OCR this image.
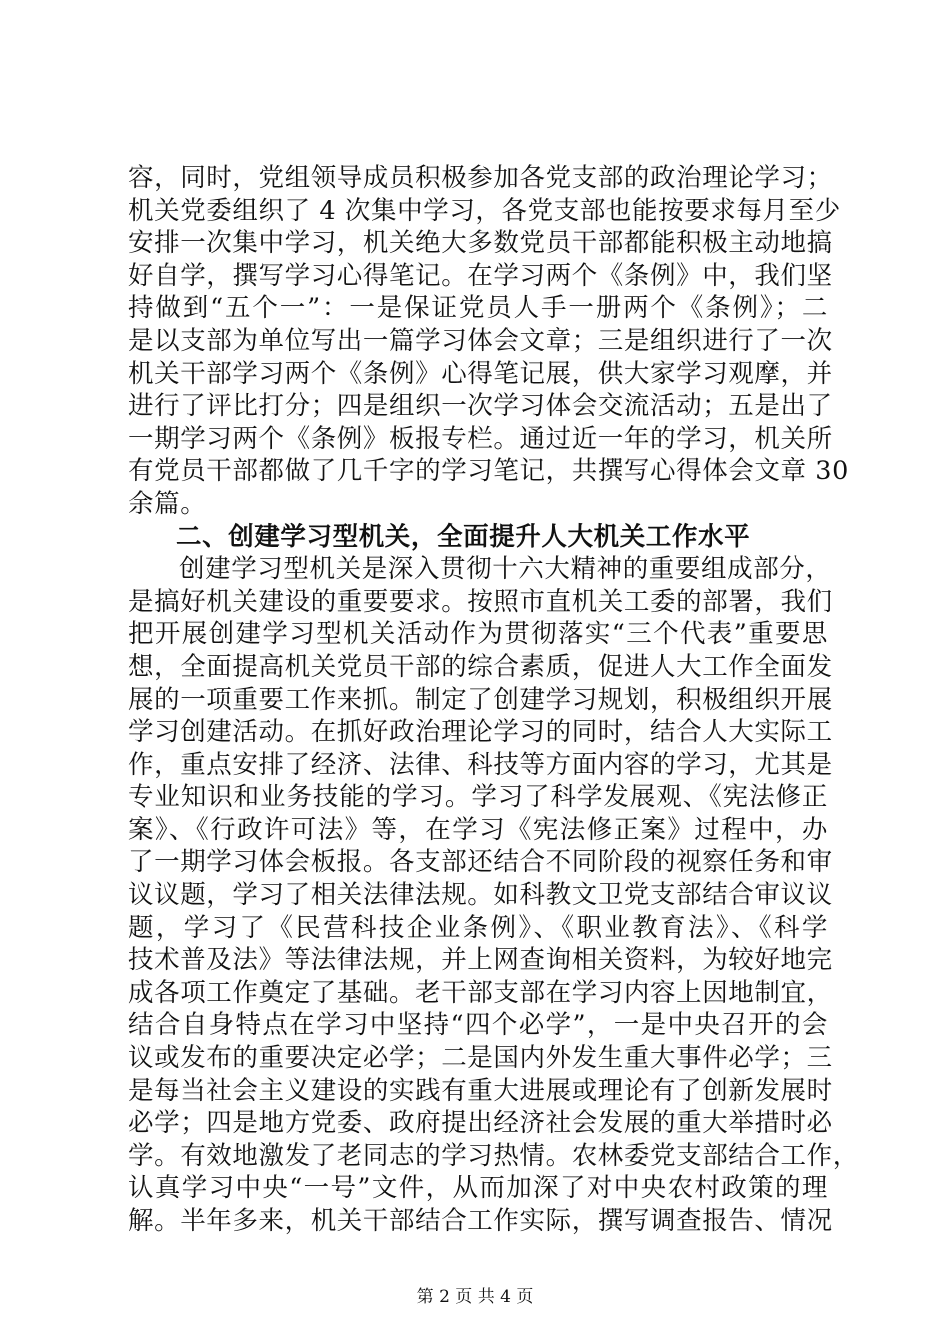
容，同时，党组领导成员积极参加各党支部的政治理论学习；
机关党委组织了 4 次集中学习，各党支部也能按要求每月至少
安排一次集中学习，机关绝大多数党员干部都能积极主动地搞
好自学，撰写学习心得笔记。在学习两个《条例》中，我们坚
持做到“五个一”：一是保证党员人手一册两个《条例》；二
是以支部为单位写出一篇学习体会文章；三是组织进行了一次
机关干部学习两个《条例》心得笔记展，供大家学习观摩，并
进行了评比打分；四是组织一次学习体会交流活动；五是出了
一期学习两个《条例》板报专栏。通过近一年的学习，机关所
有党员干部都做了几千字的学习笔记，共撰写心得体会文章 30
余篇。
二、创建学习型机关，全面提升人大机关工作水平
创建学习型机关是深入贯彻十六大精神的重要组成部分，
是搞好机关建设的重要要求。按照市直机关工委的部署，我们
把开展创建学习型机关活动作为贯彻落实“三个代表”重要思
想，全面提高机关党员干部的综合素质，促进人大工作全面发
展的一项重要工作来抓。制定了创建学习规划，积极组织开展
学习创建活动。在抓好政治理论学习的同时，结合人大实际工
作，重点安排了经济、法律、科技等方面内容的学习，尤其是
专业知识和业务技能的学习。学习了科学发展观、《宪法修正
案》、《行政许可法》等，在学习《宪法修正案》过程中，办
了一期学习体会板报。各支部还结合不同阶段的视察任务和审
议议题，学习了相关法律法规。如科教文卫党支部结合审议议
题，学习了《民营科技企业条例》、《职业教育法》、《科学
技术普及法》等法律法规，并上网查询相关资料，为较好地完
成各项工作奠定了基础。老干部支部在学习内容上因地制宜，
结合自身特点在学习中坚持“四个必学”，一是中央召开的会
议或发布的重要决定必学；二是国内外发生重大事件必学；三
是每当社会主义建设的实践有重大进展或理论有了创新发展时
必学；四是地方党委、政府提出经济社会发展的重大举措时必
学。有效地激发了老同志的学习热情。农林委党支部结合工作，
认真学习中央“一号”文件，从而加深了对中央农村政策的理
解。半年多来，机关干部结合工作实际，撰写调查报告、情况
第 2 页 共 4 页
